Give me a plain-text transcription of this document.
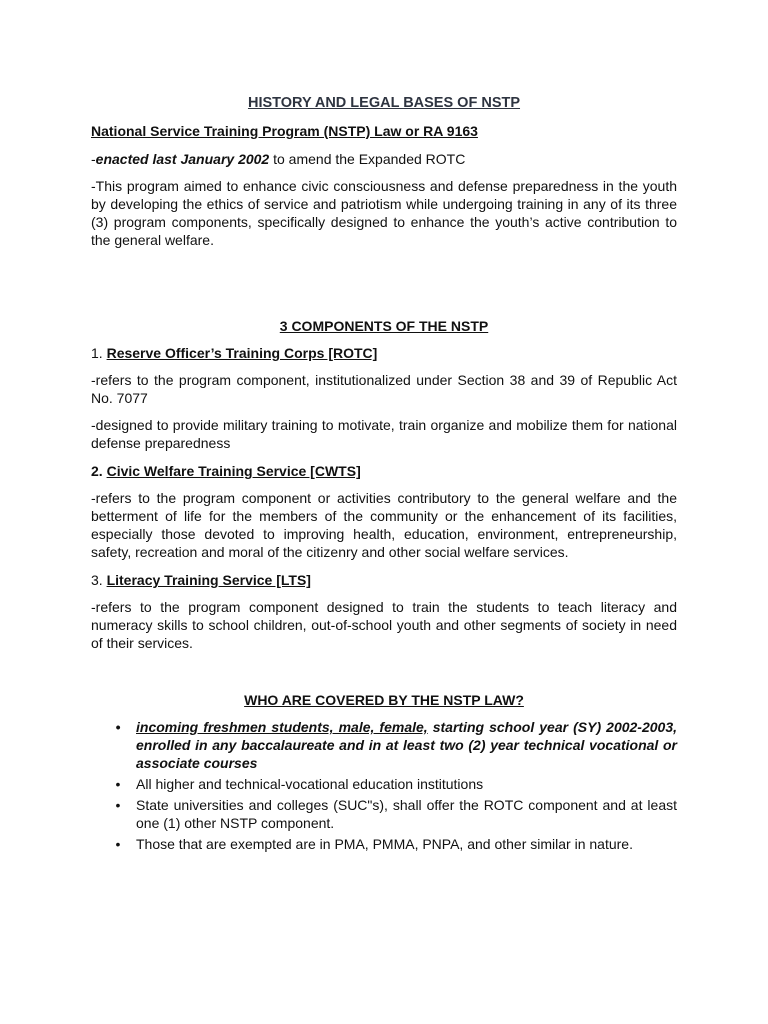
HISTORY AND LEGAL BASES OF NSTP

National Service Training Program (NSTP) Law or RA 9163

-enacted last January 2002 to amend the Expanded ROTC

-This program aimed to enhance civic consciousness and defense preparedness in the youth by developing the ethics of service and patriotism while undergoing training in any of its three (3) program components, specifically designed to enhance the youth’s active contribution to the general welfare.

3 COMPONENTS OF THE NSTP

1. Reserve Officer’s Training Corps [ROTC]

-refers to the program component, institutionalized under Section 38 and 39 of Republic Act No. 7077

-designed to provide military training to motivate, train organize and mobilize them for national defense preparedness

2. Civic Welfare Training Service [CWTS]

-refers to the program component or activities contributory to the general welfare and the betterment of life for the members of the community or the enhancement of its facilities, especially those devoted to improving health, education, environment, entrepreneurship, safety, recreation and moral of the citizenry and other social welfare services.

3. Literacy Training Service [LTS]

-refers to the program component designed to train the students to teach literacy and numeracy skills to school children, out-of-school youth and other segments of society in need of their services.

WHO ARE COVERED BY THE NSTP LAW?

• incoming freshmen students, male, female, starting school year (SY) 2002-2003, enrolled in any baccalaureate and in at least two (2) year technical vocational or associate courses
• All higher and technical-vocational education institutions
• State universities and colleges (SUC"s), shall offer the ROTC component and at least one (1) other NSTP component.
• Those that are exempted are in PMA, PMMA, PNPA, and other similar in nature.
